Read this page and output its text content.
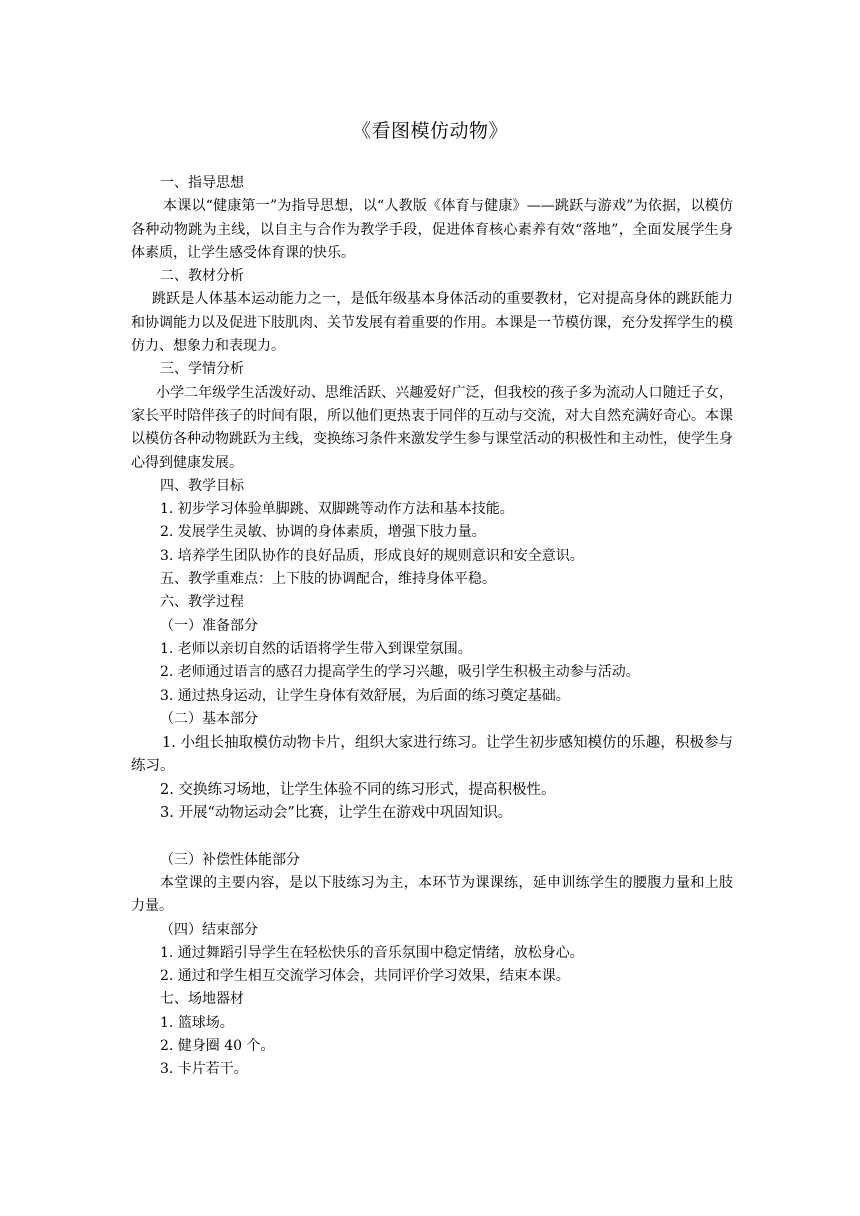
《看图模仿动物》
一、指导思想
本课以“健康第一”为指导思想，以“人教版《体育与健康》——跳跃与游戏”为依据，以模仿各种动物跳为主线，以自主与合作为教学手段，促进体育核心素养有效“落地”，全面发展学生身体素质，让学生感受体育课的快乐。
二、教材分析
跳跃是人体基本运动能力之一，是低年级基本身体活动的重要教材，它对提高身体的跳跃能力和协调能力以及促进下肢肌肉、关节发展有着重要的作用。本课是一节模仿课，充分发挥学生的模仿力、想象力和表现力。
三、学情分析
小学二年级学生活泼好动、思维活跃、兴趣爱好广泛，但我校的孩子多为流动人口随迁子女，家长平时陪伴孩子的时间有限，所以他们更热衷于同伴的互动与交流，对大自然充满好奇心。本课以模仿各种动物跳跃为主线，变换练习条件来激发学生参与课堂活动的积极性和主动性，使学生身心得到健康发展。
四、教学目标
1. 初步学习体验单脚跳、双脚跳等动作方法和基本技能。
2. 发展学生灵敏、协调的身体素质，增强下肢力量。
3. 培养学生团队协作的良好品质，形成良好的规则意识和安全意识。
五、教学重难点：上下肢的协调配合，维持身体平稳。
六、教学过程
（一）准备部分
1. 老师以亲切自然的话语将学生带入到课堂氛围。
2. 老师通过语言的感召力提高学生的学习兴趣，吸引学生积极主动参与活动。
3. 通过热身运动，让学生身体有效舒展，为后面的练习奠定基础。
（二）基本部分
1. 小组长抽取模仿动物卡片，组织大家进行练习。让学生初步感知模仿的乐趣，积极参与练习。
2. 交换练习场地，让学生体验不同的练习形式，提高积极性。
3. 开展“动物运动会”比赛，让学生在游戏中巩固知识。
（三）补偿性体能部分
本堂课的主要内容，是以下肢练习为主，本环节为课课练，延申训练学生的腰腹力量和上肢力量。
（四）结束部分
1. 通过舞蹈引导学生在轻松快乐的音乐氛围中稳定情绪，放松身心。
2. 通过和学生相互交流学习体会，共同评价学习效果，结束本课。
七、场地器材
1. 篮球场。
2. 健身圈 40 个。
3. 卡片若干。
